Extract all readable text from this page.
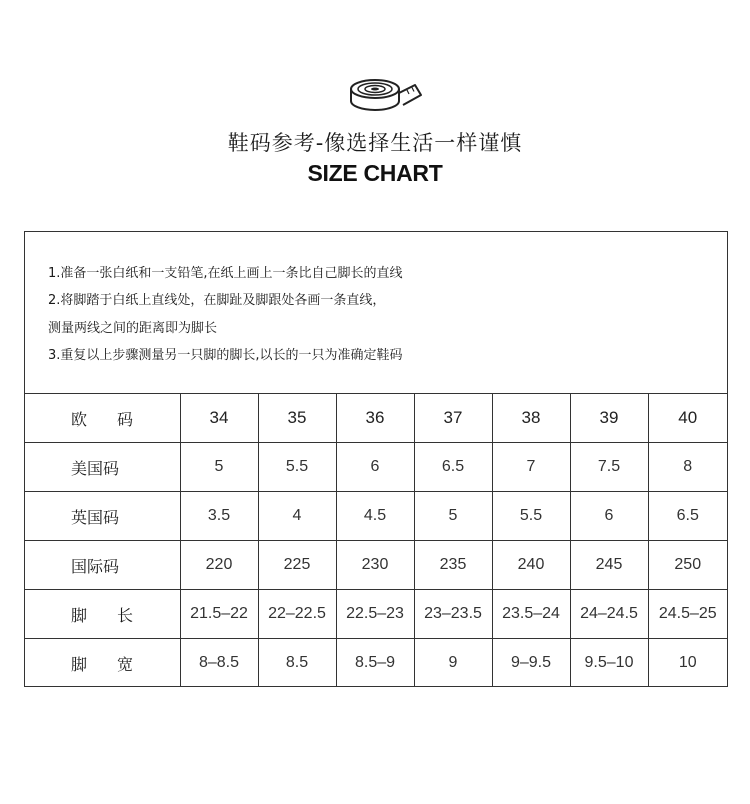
鞋码参考-像选择生活一样谨慎
SIZE CHART
1.准备一张白纸和一支铅笔,在纸上画上一条比自己脚长的直线
2.将脚踏于白纸上直线处，在脚趾及脚跟处各画一条直线，
测量两线之间的距离即为脚长
3.重复以上步骤测量另一只脚的脚长,以长的一只为准确定鞋码
欧　码	34	35	36	37	38	39	40
美国码	5	5.5	6	6.5	7	7.5	8
英国码	3.5	4	4.5	5	5.5	6	6.5
国际码	220	225	230	235	240	245	250
脚　长	21.5–22	22–22.5	22.5–23	23–23.5	23.5–24	24–24.5	24.5–25
脚　宽	8–8.5	8.5	8.5–9	9	9–9.5	9.5–10	10
